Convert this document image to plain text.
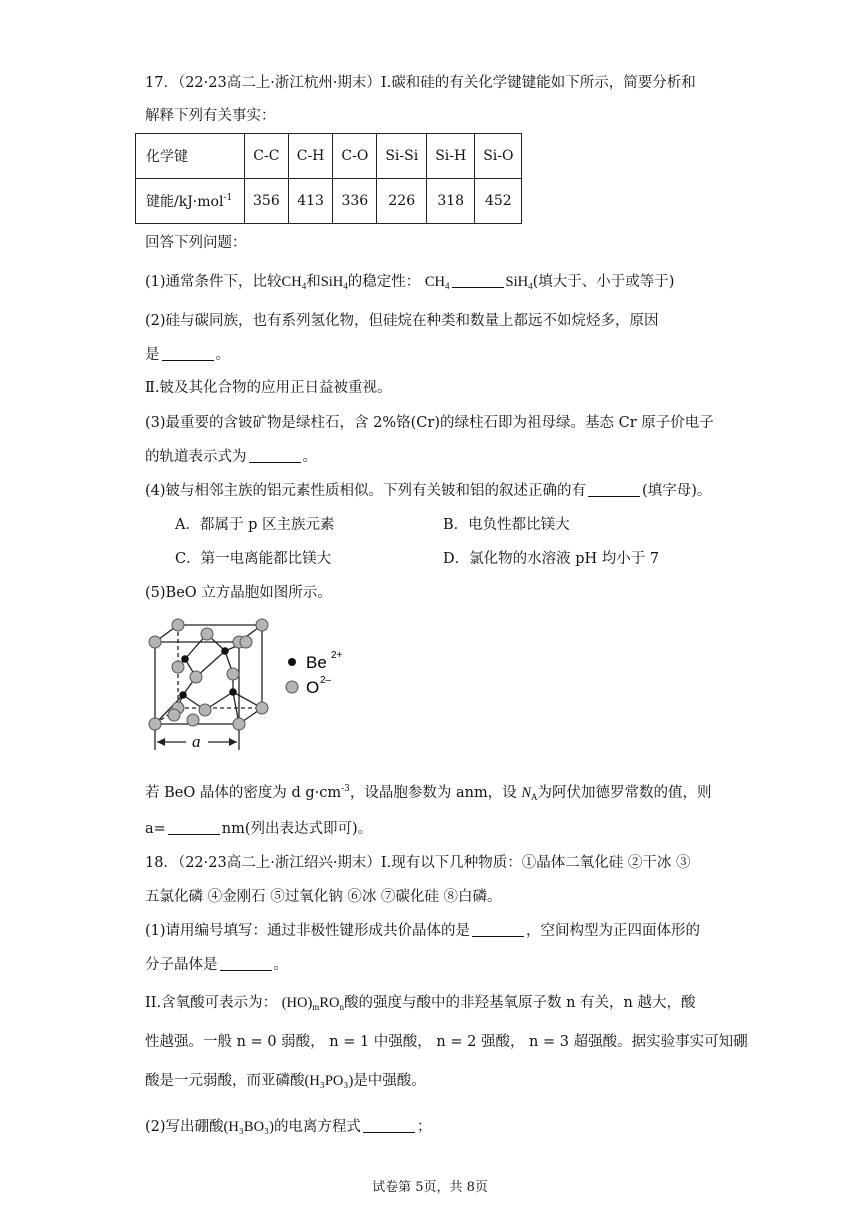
17．（22·23高二上·浙江杭州·期末）Ⅰ.碳和硅的有关化学键键能如下所示，简要分析和
解释下列有关事实：
化学键	C-C	C-H	C-O	Si-Si	Si-H	Si-O
键能/kJ·mol$^{-1}$	356	413	336	226	318	452
回答下列问题：
(1)通常条件下，比较$CH_4$和SiH$_4$的稳定性： $CH_4$	SiH$_4$(填大于、小于或等于)
(2)硅与碳同族，也有系列氢化物，但硅烷在种类和数量上都远不如烷烃多，原因
是	。
Ⅱ.铍及其化合物的应用正日益被重视。
(3)最重要的含铍矿物是绿柱石，含 2%铬(Cr)的绿柱石即为祖母绿。基态 Cr 原子价电子
的轨道表示式为	。
(4)铍与相邻主族的铝元素性质相似。下列有关铍和铝的叙述正确的有	(填字母)。
A．都属于 p 区主族元素	B．电负性都比镁大
C．第一电离能都比镁大	D．氯化物的水溶液 pH 均小于 7
(5)BeO 立方晶胞如图所示。
a
Be 2+
O 2–
若 BeO 晶体的密度为 d $g\cdot cm^{-3}$，设晶胞参数为 anm，设 $N_A$为阿伏加德罗常数的值，则
a=	nm(列出表达式即可)。
18．（22·23高二上·浙江绍兴·期末）I.现有以下几种物质：①晶体二氧化硅 ②干冰 ③
五氯化磷 ④金刚石 ⑤过氧化钠 ⑥冰 ⑦碳化硅 ⑧白磷。
(1)请用编号填写：通过非极性键形成共价晶体的是	，空间构型为正四面体形的
分子晶体是	。
II.含氧酸可表示为： $(HO)_mRO_n$酸的强度与酸中的非羟基氧原子数 n 有关，n 越大，酸
性越强。一般 n = 0 弱酸， n = 1 中强酸， n = 2 强酸， n = 3 超强酸。据实验事实可知硼
酸是一元弱酸，而亚磷酸(H₃PO₃)是中强酸。
(2)写出硼酸(H₃BO₃)的电离方程式	；
试卷第 5页，共 8页
